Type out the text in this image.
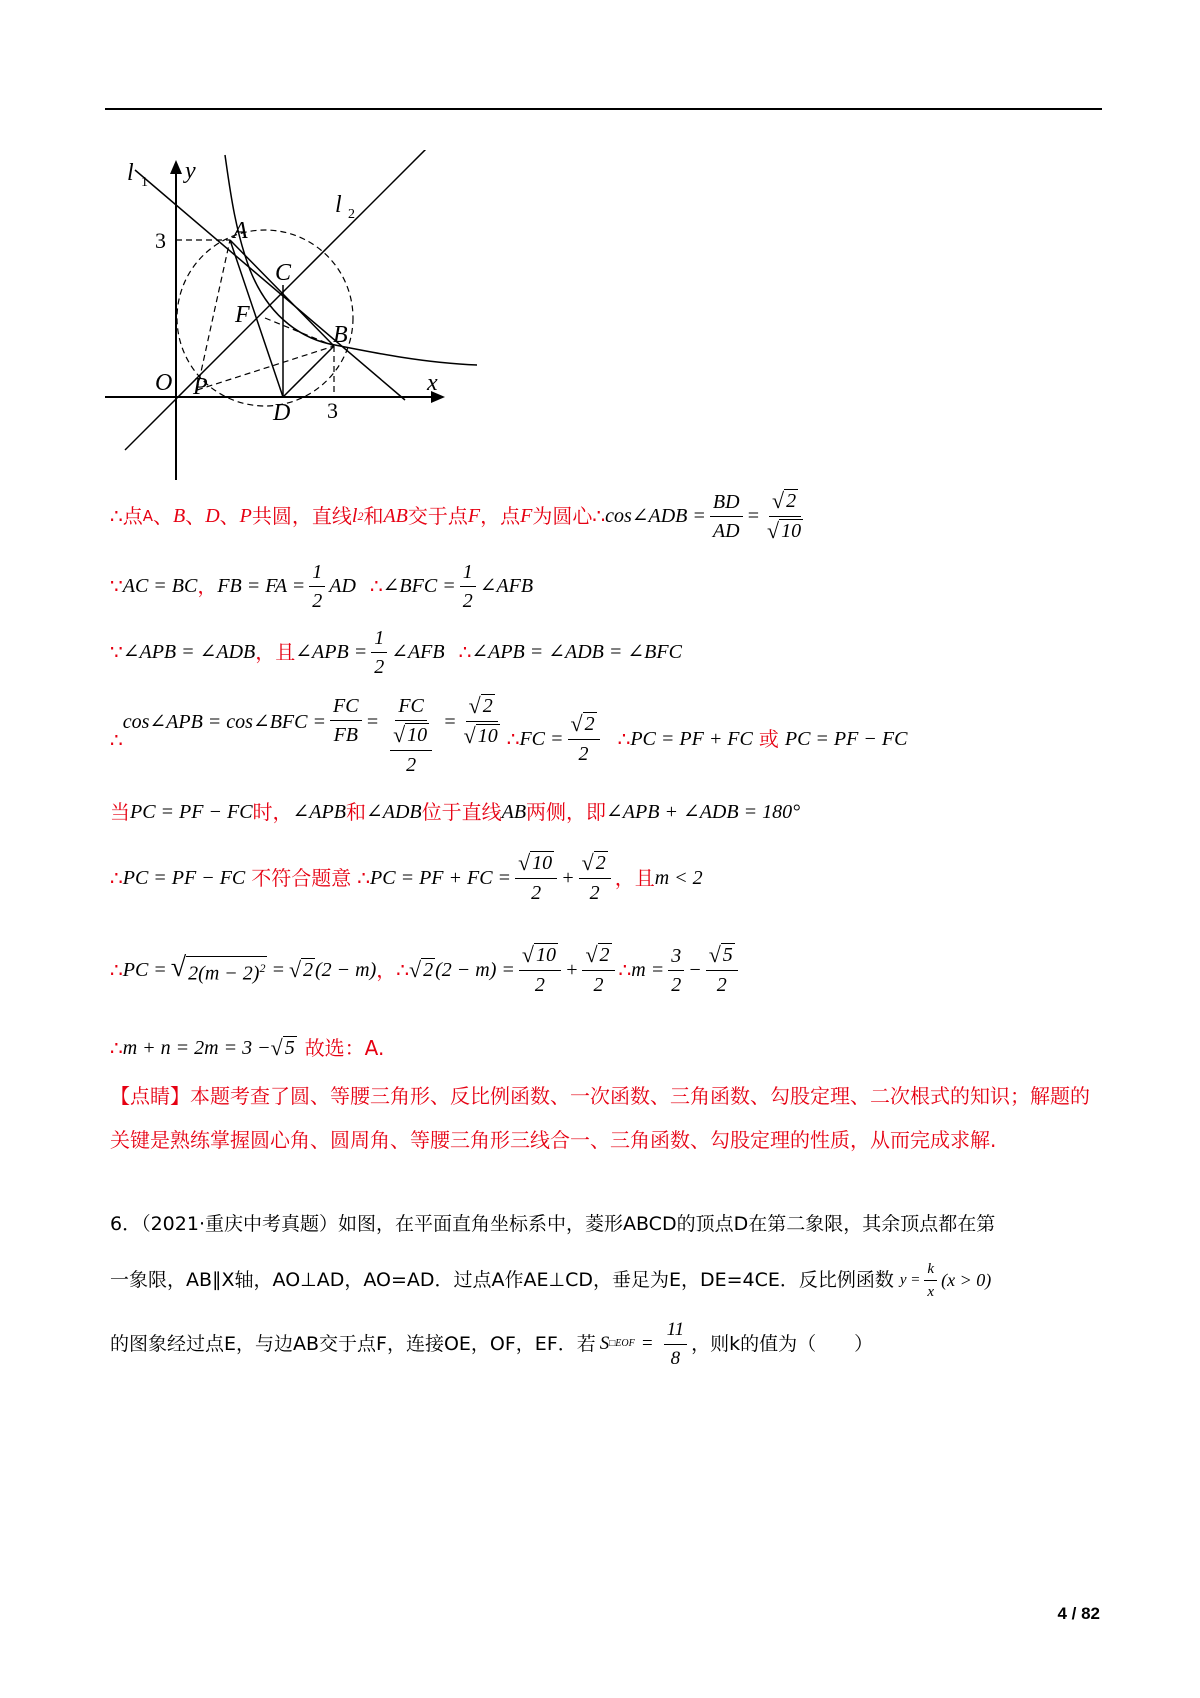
l 1 y
l 2
A
C
F
B
O P
D
x
3
3
∴点 A 、 B 、 D 、 P 共圆，直线 l 2 和 AB 交于点 F ，点 F 为圆心∴ cos∠ADB = $\frac{BD}{AD} = \frac{√ 2}{√ 10}$
∵ AC = BC ， FB = FA = $\frac{1}{2}$ AD ∴ ∠BFC = $\frac{1}{2}$ ∠AFB
∵ ∠APB = ∠ADB ，且 ∠APB = $\frac{1}{2}$ ∠AFB ∴ ∠APB = ∠ADB = ∠BFC
∴
cos∠APB = cos∠BFC = $\frac{FC}{FB} = \frac{FC}{\frac{√ 10}{2}} = \frac{√ 2}{√ 10}$ ∴ FC = $\frac{√ 2}{2}$ ∴ PC = PF + FC 或 PC = PF − FC
当 PC = PF − FC 时， ∠APB 和 ∠ADB 位于直线 AB 两侧，即 ∠APB + ∠ADB = 180°
∴ PC = PF − FC 不符合题意 ∴ PC = PF + FC = $\frac{√ 10}{2} + \frac{√ 2}{2}$ ，且 m < 2
∴ PC = √ $2(m - 2)^2$ = √ 2 (2 − m) ， ∴ √ 2 $(2 - m) = \frac{√ 10}{2} + \frac{√ 2}{2}$ ∴ $m = \frac{3}{2} - \frac{√ 5}{2}$
∴ m + n = 2m = 3 − √ 5 故选：A.
【点睛】本题考查了圆、等腰三角形、反比例函数、一次函数、三角函数、勾股定理、二次根式的知识；解题的关键是熟练掌握圆心角、圆周角、等腰三角形三线合一、三角函数、勾股定理的性质，从而完成求解.
6．（2021·重庆中考真题）如图，在平面直角坐标系中，菱形ABCD的顶点D在第二象限，其余顶点都在第
一象限，AB∥X轴，AO⊥AD，AO=AD．过点A作AE⊥CD，垂足为E，DE=4CE．反比例函数 $y = \frac{k}{x} (x > 0)$
的图象经过点E，与边AB交于点F，连接OE，OF，EF．若 S □EOF = $\frac{11}{8}$ ，则k的值为（　　）
4 / 82
